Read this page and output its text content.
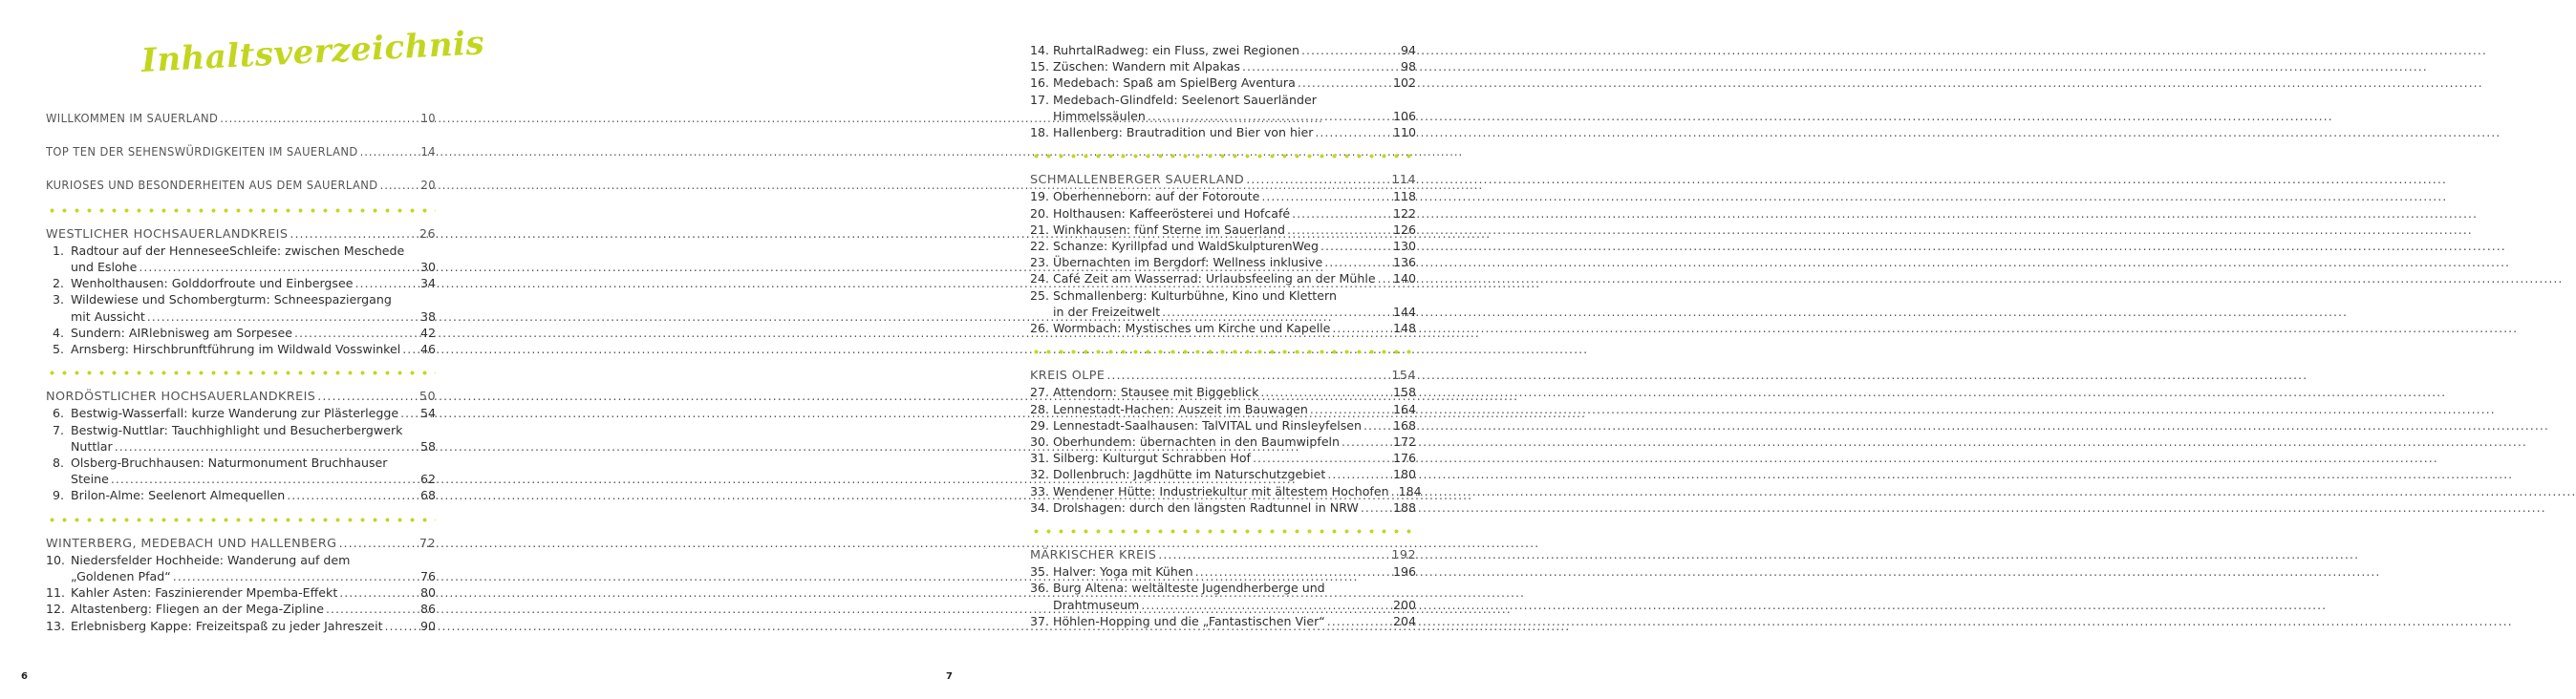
Inhaltsverzeichnis
WILLKOMMEN IM SAUERLAND .....	10
TOP TEN DER SEHENSWÜRDIGKEITEN IM SAUERLAND .....	14
KURIOSES UND BESONDERHEITEN AUS DEM SAUERLAND .....	20
WESTLICHER HOCHSAUERLANDKREIS .....	26
1. Radtour auf der HenneseeSchleife: zwischen Meschede
und Eslohe .....	30
2. Wenholthausen: Golddorfroute und Einbergsee .....	34
3. Wildewiese und Schombergturm: Schneespaziergang
mit Aussicht .....	38
4. Sundern: AIRlebnisweg am Sorpesee .....	42
5. Arnsberg: Hirschbrunftführung im Wildwald Vosswinkel ..... 46
NORDÖSTLICHER HOCHSAUERLANDKREIS .....	50
6. Bestwig-Wasserfall: kurze Wanderung zur Plästerlegge ..... 54
7. Bestwig-Nuttlar: Tauchhighlight und Besucherbergwerk
Nuttlar .....	58
8. Olsberg-Bruchhausen: Naturmonument Bruchhauser
Steine .....	62
9. Brilon-Alme: Seelenort Almequellen .....	68
WINTERBERG, MEDEBACH UND HALLENBERG .....	72
10. Niedersfelder Hochheide: Wanderung auf dem
„Goldenen Pfad“ .....	76
11. Kahler Asten: Faszinierender Mpemba-Effekt .....	80
12. Altastenberg: Fliegen an der Mega-Zipline .....	86
13. Erlebnisberg Kappe: Freizeitspaß zu jeder Jahreszeit .....	90
6
14. RuhrtalRadweg: ein Fluss, zwei Regionen .....	94
15. Züschen: Wandern mit Alpakas .....	98
16. Medebach: Spaß am SpielBerg Aventura .....	102
17. Medebach-Glindfeld: Seelenort Sauerländer
Himmelssäulen .....	106
18. Hallenberg: Brautradition und Bier von hier .....	110
SCHMALLENBERGER SAUERLAND .....	114
19. Oberhenneborn: auf der Fotoroute .....	118
20. Holthausen: Kaffeerösterei und Hofcafé .....	122
21. Winkhausen: fünf Sterne im Sauerland .....	126
22. Schanze: Kyrillpfad und WaldSkulpturenWeg .....	130
23. Übernachten im Bergdorf: Wellness inklusive .....	136
24. Café Zeit am Wasserrad: Urlaubsfeeling an der Mühle ..... 140
25. Schmallenberg: Kulturbühne, Kino und Klettern
in der Freizeitwelt .....	144
26. Wormbach: Mystisches um Kirche und Kapelle .....	148
KREIS OLPE .....	154
27. Attendorn: Stausee mit Biggeblick .....	158
28. Lennestadt-Hachen: Auszeit im Bauwagen .....	164
29. Lennestadt-Saalhausen: TalVITAL und Rinsleyfelsen .....	168
30. Oberhundem: übernachten in den Baumwipfeln .....	172
31. Silberg: Kulturgut Schrabben Hof .....	176
32. Dollenbruch: Jagdhütte im Naturschutzgebiet .....	180
33. Wendener Hütte: Industriekultur mit ältestem Hochofen ..... 184
34. Drolshagen: durch den längsten Radtunnel in NRW .....	188
MÄRKISCHER KREIS .....	192
35. Halver: Yoga mit Kühen .....	196
36. Burg Altena: weltälteste Jugendherberge und
Drahtmuseum .....	200
37. Höhlen-Hopping und die „Fantastischen Vier“ .....	204
7
